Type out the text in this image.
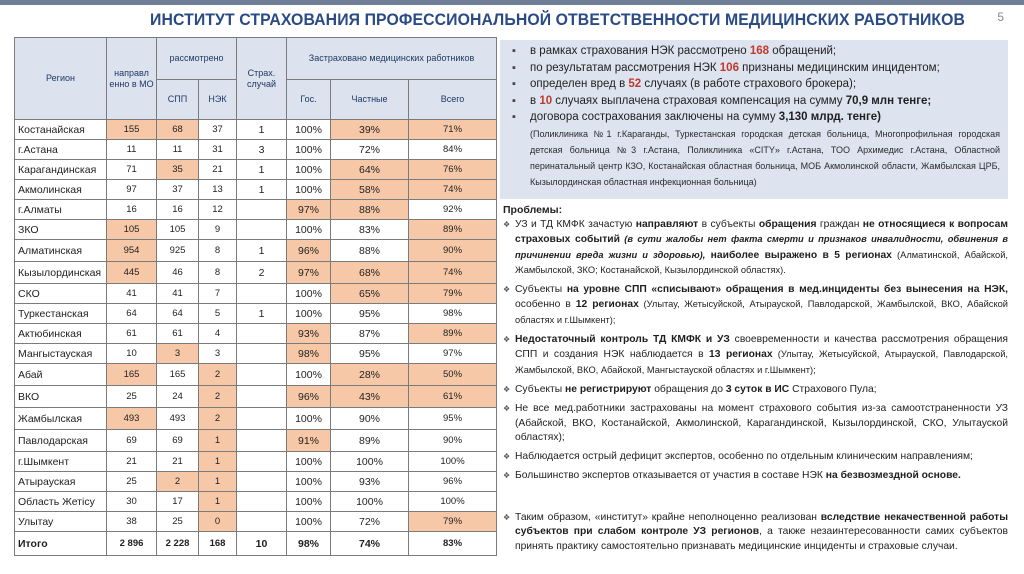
ИНСТИТУТ СТРАХОВАНИЯ ПРОФЕССИОНАЛЬНОЙ ОТВЕТСТВЕННОСТИ МЕДИЦИНСКИХ РАБОТНИКОВ	5
Регион	направл енно в МО	рассмотрено		Страх. случай	Застраховано медицинских работников		
		СПП	НЭК		Гос.	Частные	Всего
Костанайская	155	68	37	1	100%	39%	71%
г.Астана	11	11	31	3	100%	72%	84%
Карагандинская	71	35	21	1	100%	64%	76%
Акмолинская	97	37	13	1	100%	58%	74%
г.Алматы	16	16	12		97%	88%	92%
ЗКО	105	105	9		100%	83%	89%
Алматинская	954	925	8	1	96%	88%	90%
Кызылординская	445	46	8	2	97%	68%	74%
СКО	41	41	7		100%	65%	79%
Туркестанская	64	64	5	1	100%	95%	98%
Актюбинская	61	61	4		93%	87%	89%
Мангыстауская	10	3	3		98%	95%	97%
Абай	165	165	2		100%	28%	50%
ВКО	25	24	2		96%	43%	61%
Жамбылская	493	493	2		100%	90%	95%
Павлодарская	69	69	1		91%	89%	90%
г.Шымкент	21	21	1		100%	100%	100%
Атырауская	25	2	1		100%	93%	96%
Область Жетісу	30	17	1		100%	100%	100%
Улытау	38	25	0		100%	72%	79%
Итого	2 896	2 228	168	10	98%	74%	83%
▪ в рамках страхования НЭК рассмотрено 168 обращений;
▪ по результатам рассмотрения НЭК 106 признаны медицинским инцидентом;
▪ определен вред в 52 случаях (в работе страхового брокера);
▪ в 10 случаях выплачена страховая компенсация на сумму 70,9 млн тенге;
▪ договора сострахования заключены на сумму 3,130 млрд. тенге)
(Поликлиника №1 г.Караганды, Туркестанская городская детская больница, Многопрофильная городская детская больница №3 г.Астана, Поликлиника «CITY» г.Астана, ТОО Архимедис г.Астана, Областной перинатальный центр КЗО, Костанайская областная больница, МОБ Акмолинской области, Жамбылская ЦРБ, Кызылординская областная инфекционная больница)
Проблемы:
❖ УЗ и ТД КМФК зачастую направляют в субъекты обращения граждан не относящиеся к вопросам страховых событий (в сути жалобы нет факта смерти и признаков инвалидности, обвинения в причинении вреда жизни и здоровью), наиболее выражено в 5 регионах (Алматинской, Абайской, Жамбылской, ЗКО; Костанайской, Кызылординской областях).
❖ Субъекты на уровне СПП «списывают» обращения в мед.инциденты без вынесения на НЭК, особенно в 12 регионах (Улытау, Жетысуйской, Атырауской, Павлодарской, Жамбылской, ВКО, Абайской областях и г.Шымкент);
❖ Недостаточный контроль ТД КМФК и УЗ своевременности и качества рассмотрения обращения СПП и создания НЭК наблюдается в 13 регионах (Улытау, Жетысуйской, Атырауской, Павлодарской, Жамбылской, ВКО, Абайской, Мангыстауской областях и г.Шымкент);
❖ Субъекты не регистрируют обращения до 3 суток в ИС Страхового Пула;
❖ Не все мед.работники застрахованы на момент страхового события из-за самоотстраненности УЗ (Абайской, ВКО, Костанайской, Акмолинской, Карагандинской, Кызылординской, СКО, Улытауской областях);
❖ Наблюдается острый дефицит экспертов, особенно по отдельным клиническим направлениям;
❖ Большинство экспертов отказывается от участия в составе НЭК на безвозмездной основе.
❖ Таким образом, «институт» крайне неполноценно реализован вследствие некачественной работы субъектов при слабом контроле УЗ регионов, а также незаинтересованности самих субъектов принять практику самостоятельно признавать медицинские инциденты и страховые случаи.
